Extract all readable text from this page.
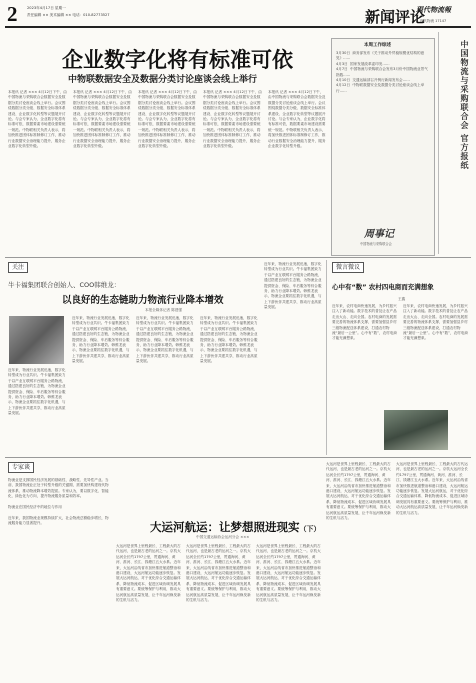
2	2023年4月17日 星期一
责任编辑 ×× 美术编辑 ×× 电话：010-82773527	新闻评论
現代物流報
现代物流 17147
企业数字化将有标准可依
中物联数据安全及数据分类讨论座谈会线上举行
本报讯 记者 ××× 4月12日下午，由中国物流与采购联合会数据安全及数据分类讨论座谈会线上举行。会议围绕数据分类分级、数据安全标准体系建设、企业数字化转型等议题展开讨论。与会专家认为，企业数字化将有标准可依，数据要素市场建设需要统一规范。中物联相关负责人表示，将加快推进团体标准制修订工作，推动行业数据安全治理能力提升，服务企业数字化转型升级。
本报讯 记者 ××× 4月12日下午，由中国物流与采购联合会数据安全及数据分类讨论座谈会线上举行。会议围绕数据分类分级、数据安全标准体系建设、企业数字化转型等议题展开讨论。与会专家认为，企业数字化将有标准可依，数据要素市场建设需要统一规范。中物联相关负责人表示，将加快推进团体标准制修订工作，推动行业数据安全治理能力提升，服务企业数字化转型升级。
本报讯 记者 ××× 4月12日下午，由中国物流与采购联合会数据安全及数据分类讨论座谈会线上举行。会议围绕数据分类分级、数据安全标准体系建设、企业数字化转型等议题展开讨论。与会专家认为，企业数字化将有标准可依，数据要素市场建设需要统一规范。中物联相关负责人表示，将加快推进团体标准制修订工作，推动行业数据安全治理能力提升，服务企业数字化转型升级。
本报讯 记者 ××× 4月12日下午，由中国物流与采购联合会数据安全及数据分类讨论座谈会线上举行。会议围绕数据分类分级、数据安全标准体系建设、企业数字化转型等议题展开讨论。与会专家认为，企业数字化将有标准可依，数据要素市场建设需要统一规范。中物联相关负责人表示，将加快推进团体标准制修订工作，推动行业数据安全治理能力提升，服务企业数字化转型升级。
本报讯 记者 ××× 4月12日下午，由中国物流与采购联合会数据安全及数据分类讨论座谈会线上举行。会议围绕数据分类分级、数据安全标准体系建设、企业数字化转型等议题展开讨论。与会专家认为，企业数字化将有标准可依，数据要素市场建设需要统一规范。中物联相关负责人表示，将加快推进团体标准制修订工作，推动行业数据安全治理能力提升，服务企业数字化转型升级。
本周工作综述
3月30日  商务部发布《关于推动外贸稳规模优结构的意见》……
4月3日  国家发展改革委印发……
4月7日  中国物流与采购联合会发布3月份中国物流业景气指数……
4月10日  交通运输部召开例行新闻发布会……
4月12日  中物联数据安全及数据分类讨论座谈会线上举行……
周事记
中国物流与采购联合会
中国物流与采购联合会 官方报纸
关注
牛卡福集团联合创始人、COO韩维龙：
以良好的生态链助力物流行业降本增效
本报全媒体记者 陈建强
近年来，物流行业发展迅速，数字化转型成为行业共识。牛卡福集团致力于以产业互联网平台服务公路物流，通过搭建良好的生态链，为物流企业提供资金、保险、车后服务等综合服务，助力行业降本增效。韩维龙表示，物流企业要抓住数字化机遇，与上下游伙伴共建共享，推动行业高质量发展。
近年来，物流行业发展迅速，数字化转型成为行业共识。牛卡福集团致力于以产业互联网平台服务公路物流，通过搭建良好的生态链，为物流企业提供资金、保险、车后服务等综合服务，助力行业降本增效。韩维龙表示，物流企业要抓住数字化机遇，与上下游伙伴共建共享，推动行业高质量发展。
近年来，物流行业发展迅速，数字化转型成为行业共识。牛卡福集团致力于以产业互联网平台服务公路物流，通过搭建良好的生态链，为物流企业提供资金、保险、车后服务等综合服务，助力行业降本增效。韩维龙表示，物流企业要抓住数字化机遇，与上下游伙伴共建共享，推动行业高质量发展。
近年来，物流行业发展迅速，数字化转型成为行业共识。牛卡福集团致力于以产业互联网平台服务公路物流，通过搭建良好的生态链，为物流企业提供资金、保险、车后服务等综合服务，助力行业降本增效。韩维龙表示，物流企业要抓住数字化机遇，与上下游伙伴共建共享，推动行业高质量发展。
近年来，物流行业发展迅速，数字化转型成为行业共识。牛卡福集团致力于以产业互联网平台服务公路物流，通过搭建良好的生态链，为物流企业提供资金、保险、车后服务等综合服务，助力行业降本增效。韩维龙表示，物流企业要抓住数字化机遇，与上下游伙伴共建共享，推动行业高质量发展。
微言微议
心中有“数” 农村四电商而充满想象
王鑫
近年来，农村电商快速发展，为乡村振兴注入了新动能。数字技术的普及让农产品走出大山、走向全国。农村电商的发展需要完善的物流体系支撑，需要加强县乡村三级物流配送体系建设，打通农村物流“最后一公里”。心中有“数”，农村电商才能充满想象。
近年来，农村电商快速发展，为乡村振兴注入了新动能。数字技术的普及让农产品走出大山、走向全国。农村电商的发展需要完善的物流体系支撑，需要加强县乡村三级物流配送体系建设，打通农村物流“最后一公里”。心中有“数”，农村电商才能充满想象。
专家谈
物流业是支撑国民经济发展的基础性、战略性、先导性产业。当前，我国物流业正处于转型升级的关键期，需要加快构建现代物流体系，推动物流降本增效提质。专家认为，要以数字化、智能化、绿色化为方向，提升物流服务质量和效率。

物流业在国民经济中的地位与作用

近年来，我国物流业规模持续扩大，社会物流总额稳步增长，物流服务能力显著提升。	大运河航运：让梦想照进现实（下）
中国交通运输协会运河分会 ×××
大运河是世界上里程最长、工程最大的古代运河，也是最古老的运河之一。京杭大运河全长约1797公里，贯通海河、黄河、淮河、长江、钱塘江五大水系。近年来，大运河沿线省市加快推进航道整治和港口建设，大运河航运功能逐步恢复。发展大运河航运，对于优化综合交通运输体系、降低物流成本、促进区域协调发展具有重要意义。要统筹保护与利用，推动大运河航运高质量发展，让千年运河焕发新的生机与活力。
大运河是世界上里程最长、工程最大的古代运河，也是最古老的运河之一。京杭大运河全长约1797公里，贯通海河、黄河、淮河、长江、钱塘江五大水系。近年来，大运河沿线省市加快推进航道整治和港口建设，大运河航运功能逐步恢复。发展大运河航运，对于优化综合交通运输体系、降低物流成本、促进区域协调发展具有重要意义。要统筹保护与利用，推动大运河航运高质量发展，让千年运河焕发新的生机与活力。
大运河是世界上里程最长、工程最大的古代运河，也是最古老的运河之一。京杭大运河全长约1797公里，贯通海河、黄河、淮河、长江、钱塘江五大水系。近年来，大运河沿线省市加快推进航道整治和港口建设，大运河航运功能逐步恢复。发展大运河航运，对于优化综合交通运输体系、降低物流成本、促进区域协调发展具有重要意义。要统筹保护与利用，推动大运河航运高质量发展，让千年运河焕发新的生机与活力。
大运河是世界上里程最长、工程最大的古代运河，也是最古老的运河之一。京杭大运河全长约1797公里，贯通海河、黄河、淮河、长江、钱塘江五大水系。近年来，大运河沿线省市加快推进航道整治和港口建设，大运河航运功能逐步恢复。发展大运河航运，对于优化综合交通运输体系、降低物流成本、促进区域协调发展具有重要意义。要统筹保护与利用，推动大运河航运高质量发展，让千年运河焕发新的生机与活力。
大运河是世界上里程最长、工程最大的古代运河，也是最古老的运河之一。京杭大运河全长约1797公里，贯通海河、黄河、淮河、长江、钱塘江五大水系。近年来，大运河沿线省市加快推进航道整治和港口建设，大运河航运功能逐步恢复。发展大运河航运，对于优化综合交通运输体系、降低物流成本、促进区域协调发展具有重要意义。要统筹保护与利用，推动大运河航运高质量发展，让千年运河焕发新的生机与活力。
